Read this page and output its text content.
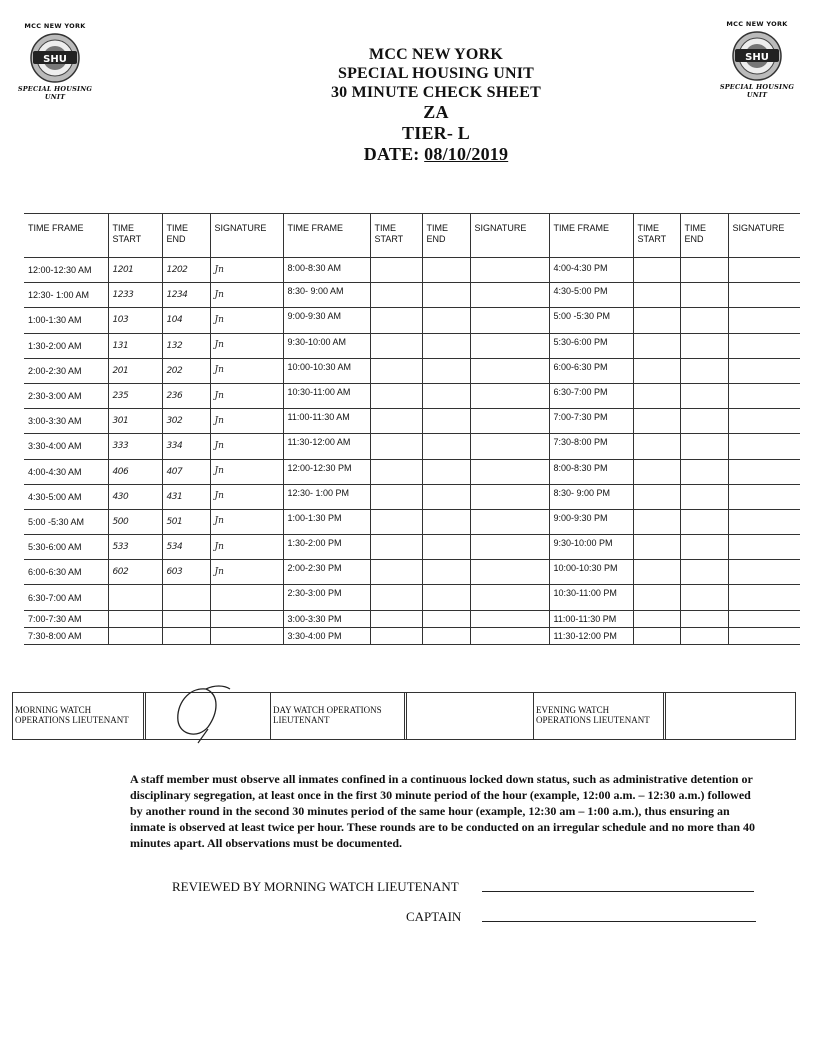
MCC NEW YORK
SHU
SPECIAL HOUSING UNIT
MCC NEW YORK
SHU
SPECIAL HOUSING UNIT
MCC NEW YORK
SPECIAL HOUSING UNIT
30 MINUTE CHECK SHEET
ZA
TIER- L
DATE: 08/10/2019
TIME FRAME	TIME START	TIME END	SIGNATURE	TIME FRAME	TIME START	TIME END	SIGNATURE	TIME FRAME	TIME START	TIME END	SIGNATURE
12:00-12:30 AM	1201	1202	Jn	8:00-8:30 AM				4:00-4:30 PM			
12:30- 1:00 AM	1233	1234	Jn	8:30- 9:00 AM				4:30-5:00 PM			
1:00-1:30 AM	103	104	Jn	9:00-9:30 AM				5:00 -5:30 PM			
1:30-2:00 AM	131	132	Jn	9:30-10:00 AM				5:30-6:00 PM			
2:00-2:30 AM	201	202	Jn	10:00-10:30 AM				6:00-6:30 PM			
2:30-3:00 AM	235	236	Jn	10:30-11:00 AM				6:30-7:00 PM			
3:00-3:30 AM	301	302	Jn	11:00-11:30 AM				7:00-7:30 PM			
3:30-4:00 AM	333	334	Jn	11:30-12:00 AM				7:30-8:00 PM			
4:00-4:30 AM	406	407	Jn	12:00-12:30 PM				8:00-8:30 PM			
4:30-5:00 AM	430	431	Jn	12:30- 1:00 PM				8:30- 9:00 PM			
5:00 -5:30 AM	500	501	Jn	1:00-1:30 PM				9:00-9:30 PM			
5:30-6:00 AM	533	534	Jn	1:30-2:00 PM				9:30-10:00 PM			
6:00-6:30 AM	602	603	Jn	2:00-2:30 PM				10:00-10:30 PM			
6:30-7:00 AM				2:30-3:00 PM				10:30-11:00 PM			
7:00-7:30 AM				3:00-3:30 PM				11:00-11:30 PM			
7:30-8:00 AM				3:30-4:00 PM				11:30-12:00 PM			
MORNING WATCH OPERATIONS LIEUTENANT
DAY WATCH OPERATIONS LIEUTENANT
EVENING WATCH OPERATIONS LIEUTENANT
A staff member must observe all inmates confined in a continuous locked down status, such as administrative detention or disciplinary segregation, at least once in the first 30 minute period of the hour (example, 12:00 a.m. – 12:30 a.m.) followed by another round in the second 30 minutes period of the same hour (example, 12:30 am – 1:00 a.m.), thus ensuring an inmate is observed at least twice per hour. These rounds are to be conducted on an irregular schedule and no more than 40 minutes apart. All observations must be documented.
REVIEWED BY MORNING WATCH LIEUTENANT
CAPTAIN
